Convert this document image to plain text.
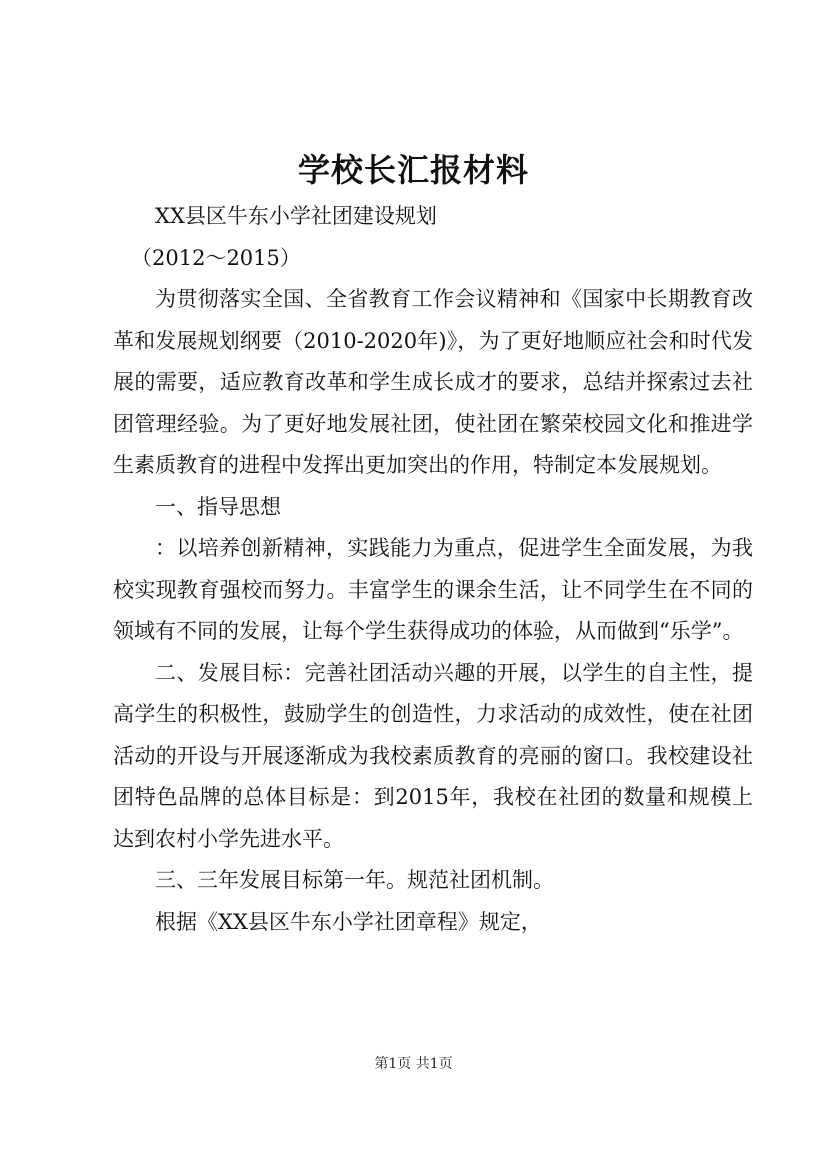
学校长汇报材料

XX县区牛东小学社团建设规划

（2012～2015）

为贯彻落实全国、全省教育工作会议精神和《国家中长期教育改革和发展规划纲要（2010-2020年)》，为了更好地顺应社会和时代发展的需要，适应教育改革和学生成长成才的要求，总结并探索过去社团管理经验。为了更好地发展社团，使社团在繁荣校园文化和推进学生素质教育的进程中发挥出更加突出的作用，特制定本发展规划。

一、指导思想

：以培养创新精神，实践能力为重点，促进学生全面发展，为我校实现教育强校而努力。丰富学生的课余生活，让不同学生在不同的领域有不同的发展，让每个学生获得成功的体验，从而做到“乐学”。

二、发展目标：完善社团活动兴趣的开展，以学生的自主性，提高学生的积极性，鼓励学生的创造性，力求活动的成效性，使在社团活动的开设与开展逐渐成为我校素质教育的亮丽的窗口。我校建设社团特色品牌的总体目标是：到2015年，我校在社团的数量和规模上达到农村小学先进水平。

三、三年发展目标第一年。规范社团机制。

根据《XX县区牛东小学社团章程》规定，

第1页 共1页
